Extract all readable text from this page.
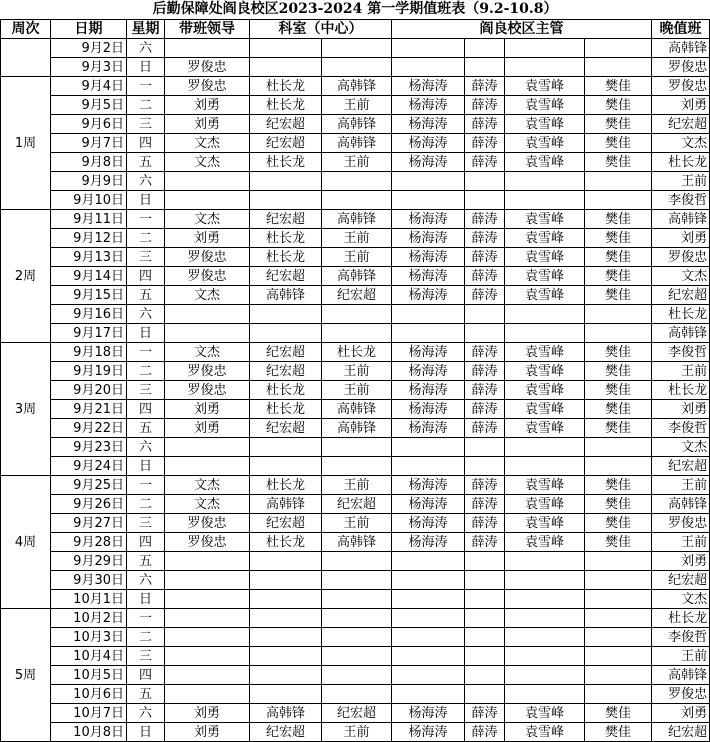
后勤保障处阎良校区2023-2024 第一学期值班表（9.2-10.8）										
周次	日期	星期	带班领导	科室（中心）		阎良校区主管				晚值班
	9月2日	六								高韩锋
	9月3日	日	罗俊忠							罗俊忠
1周	9月4日	一	罗俊忠	杜长龙	高韩锋	杨海涛	薛涛	袁雪峰	樊佳	罗俊忠
	9月5日	二	刘勇	杜长龙	王前	杨海涛	薛涛	袁雪峰	樊佳	刘勇
	9月6日	三	刘勇	纪宏超	高韩锋	杨海涛	薛涛	袁雪峰	樊佳	纪宏超
	9月7日	四	文杰	纪宏超	高韩锋	杨海涛	薛涛	袁雪峰	樊佳	文杰
	9月8日	五	文杰	杜长龙	王前	杨海涛	薛涛	袁雪峰	樊佳	杜长龙
	9月9日	六								王前
	9月10日	日								李俊哲
2周	9月11日	一	文杰	纪宏超	高韩锋	杨海涛	薛涛	袁雪峰	樊佳	高韩锋
	9月12日	二	刘勇	杜长龙	王前	杨海涛	薛涛	袁雪峰	樊佳	刘勇
	9月13日	三	罗俊忠	杜长龙	王前	杨海涛	薛涛	袁雪峰	樊佳	罗俊忠
	9月14日	四	罗俊忠	纪宏超	高韩锋	杨海涛	薛涛	袁雪峰	樊佳	文杰
	9月15日	五	文杰	高韩锋	纪宏超	杨海涛	薛涛	袁雪峰	樊佳	纪宏超
	9月16日	六								杜长龙
	9月17日	日								高韩锋
3周	9月18日	一	文杰	纪宏超	杜长龙	杨海涛	薛涛	袁雪峰	樊佳	李俊哲
	9月19日	二	罗俊忠	纪宏超	王前	杨海涛	薛涛	袁雪峰	樊佳	王前
	9月20日	三	罗俊忠	杜长龙	王前	杨海涛	薛涛	袁雪峰	樊佳	杜长龙
	9月21日	四	刘勇	杜长龙	高韩锋	杨海涛	薛涛	袁雪峰	樊佳	刘勇
	9月22日	五	刘勇	纪宏超	高韩锋	杨海涛	薛涛	袁雪峰	樊佳	李俊哲
	9月23日	六								文杰
	9月24日	日								纪宏超
4周	9月25日	一	文杰	杜长龙	王前	杨海涛	薛涛	袁雪峰	樊佳	王前
	9月26日	二	文杰	高韩锋	纪宏超	杨海涛	薛涛	袁雪峰	樊佳	高韩锋
	9月27日	三	罗俊忠	纪宏超	王前	杨海涛	薛涛	袁雪峰	樊佳	罗俊忠
	9月28日	四	罗俊忠	杜长龙	高韩锋	杨海涛	薛涛	袁雪峰	樊佳	王前
	9月29日	五								刘勇
	9月30日	六								纪宏超
	10月1日	日								文杰
5周	10月2日	一								杜长龙
	10月3日	二								李俊哲
	10月4日	三								王前
	10月5日	四								高韩锋
	10月6日	五								罗俊忠
	10月7日	六	刘勇	高韩锋	纪宏超	杨海涛	薛涛	袁雪峰	樊佳	刘勇
	10月8日	日	刘勇	纪宏超	王前	杨海涛	薛涛	袁雪峰	樊佳	纪宏超
